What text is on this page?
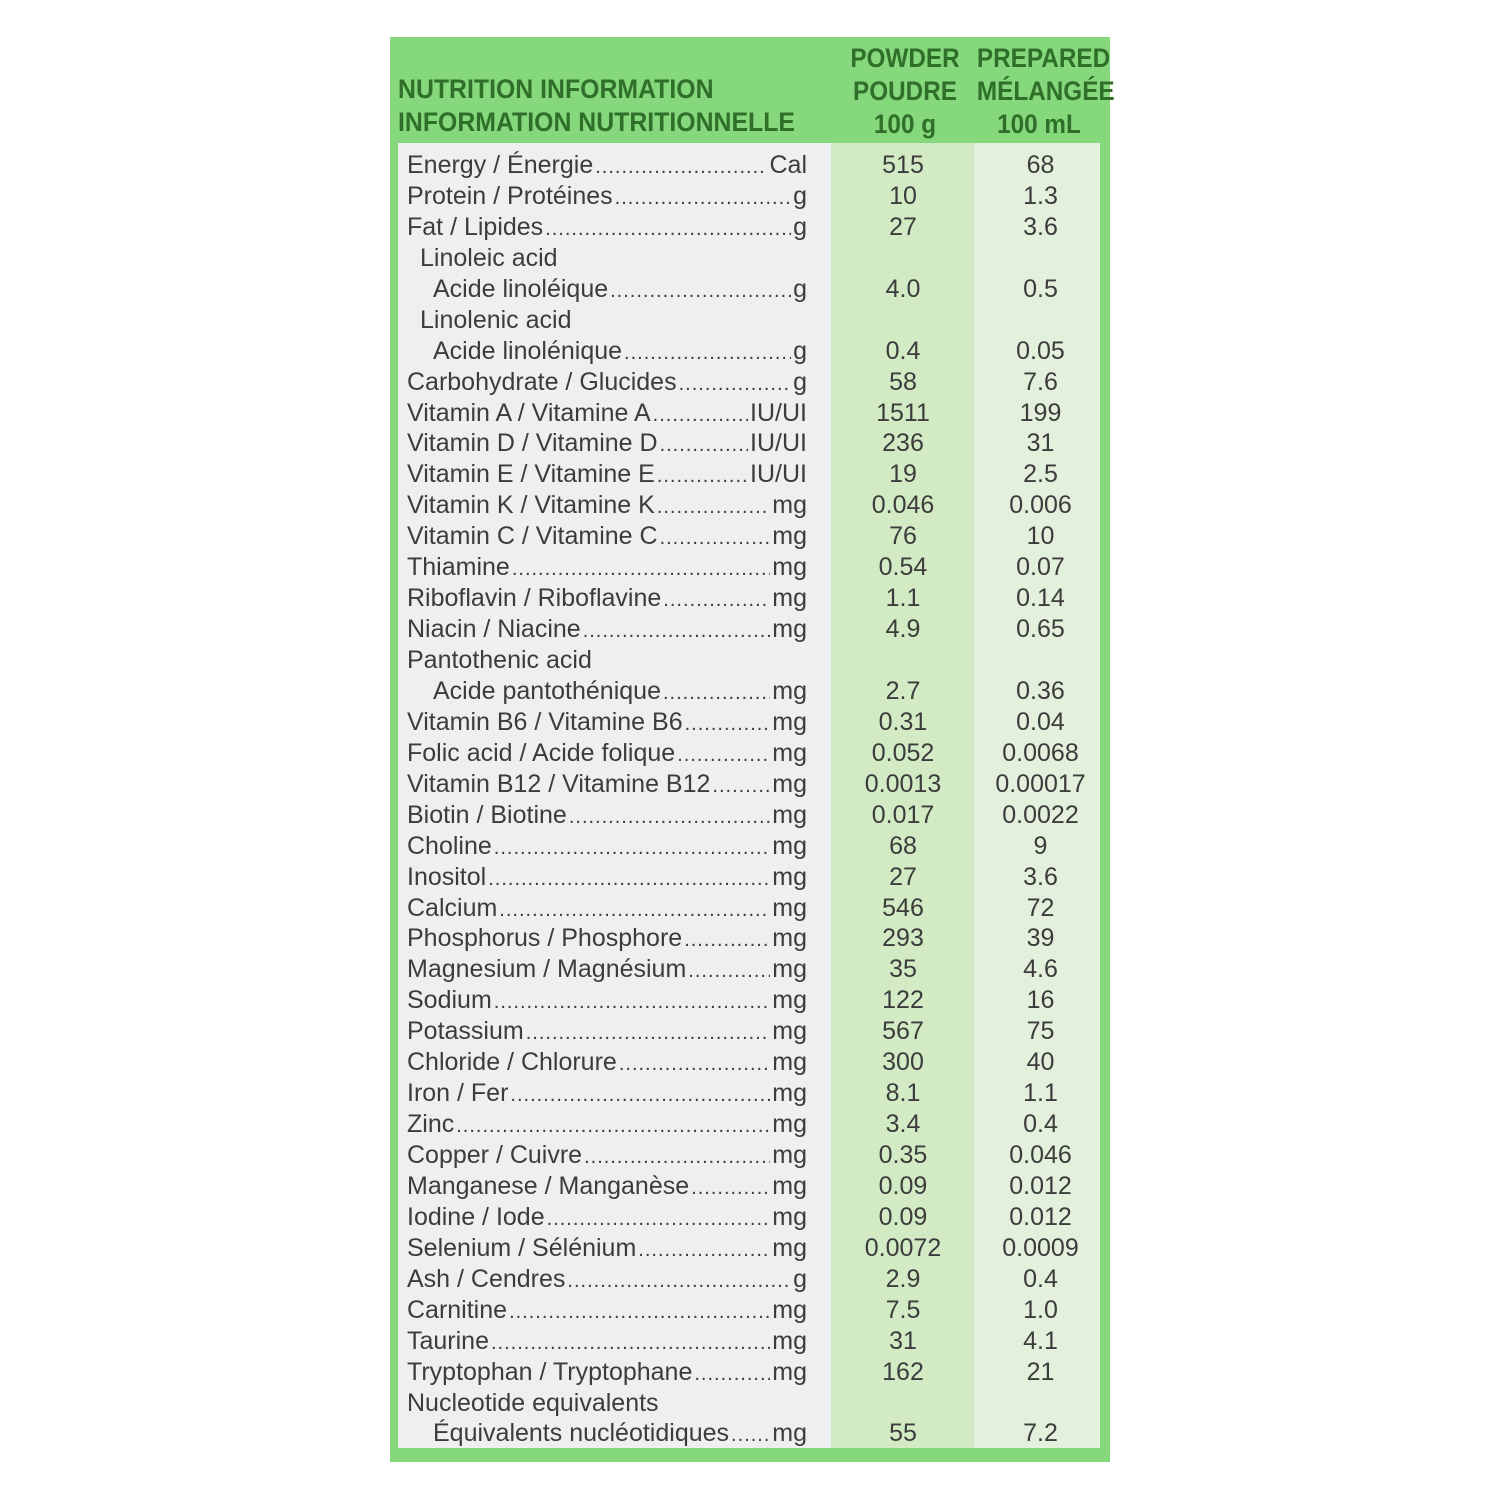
NUTRITION INFORMATION
INFORMATION NUTRITIONNELLE
POWDER
POUDRE
100 g
PREPARED
MÉLANGÉE
100 mL
Energy / Énergie .....	Cal	515	68
Protein / Protéines .....	g	10	1.3
Fat / Lipides .....	g	27	3.6
Linoleic acid
Acide linoléique .....	g	4.0	0.5
Linolenic acid
Acide linolénique .....	g	0.4	0.05
Carbohydrate / Glucides .....	g	58	7.6
Vitamin A / Vitamine A .....	IU/UI	1511	199
Vitamin D / Vitamine D .....	IU/UI	236	31
Vitamin E / Vitamine E .....	IU/UI	19	2.5
Vitamin K / Vitamine K .....	mg	0.046	0.006
Vitamin C / Vitamine C .....	mg	76	10
Thiamine .....	mg	0.54	0.07
Riboflavin / Riboflavine .....	mg	1.1	0.14
Niacin / Niacine .....	mg	4.9	0.65
Pantothenic acid
Acide pantothénique .....	mg	2.7	0.36
Vitamin B6 / Vitamine B6 .....	mg	0.31	0.04
Folic acid / Acide folique .....	mg	0.052	0.0068
Vitamin B12 / Vitamine B12 ..... mg	0.0013	0.00017
Biotin / Biotine .....	mg	0.017	0.0022
Choline .....	mg	68	9
Inositol .....	mg	27	3.6
Calcium .....	mg	546	72
Phosphorus / Phosphore .....	mg	293	39
Magnesium / Magnésium .....	mg	35	4.6
Sodium .....	mg	122	16
Potassium .....	mg	567	75
Chloride / Chlorure .....	mg	300	40
Iron / Fer .....	mg	8.1	1.1
Zinc .....	mg	3.4	0.4
Copper / Cuivre .....	mg	0.35	0.046
Manganese / Manganèse .....	mg	0.09	0.012
Iodine / Iode .....	mg	0.09	0.012
Selenium / Sélénium .....	mg	0.0072	0.0009
Ash / Cendres .....	g	2.9	0.4
Carnitine .....	mg	7.5	1.0
Taurine .....	mg	31	4.1
Tryptophan / Tryptophane .....	mg	162	21
Nucleotide equivalents
Équivalents nucléotidiques ..... mg	55	7.2
